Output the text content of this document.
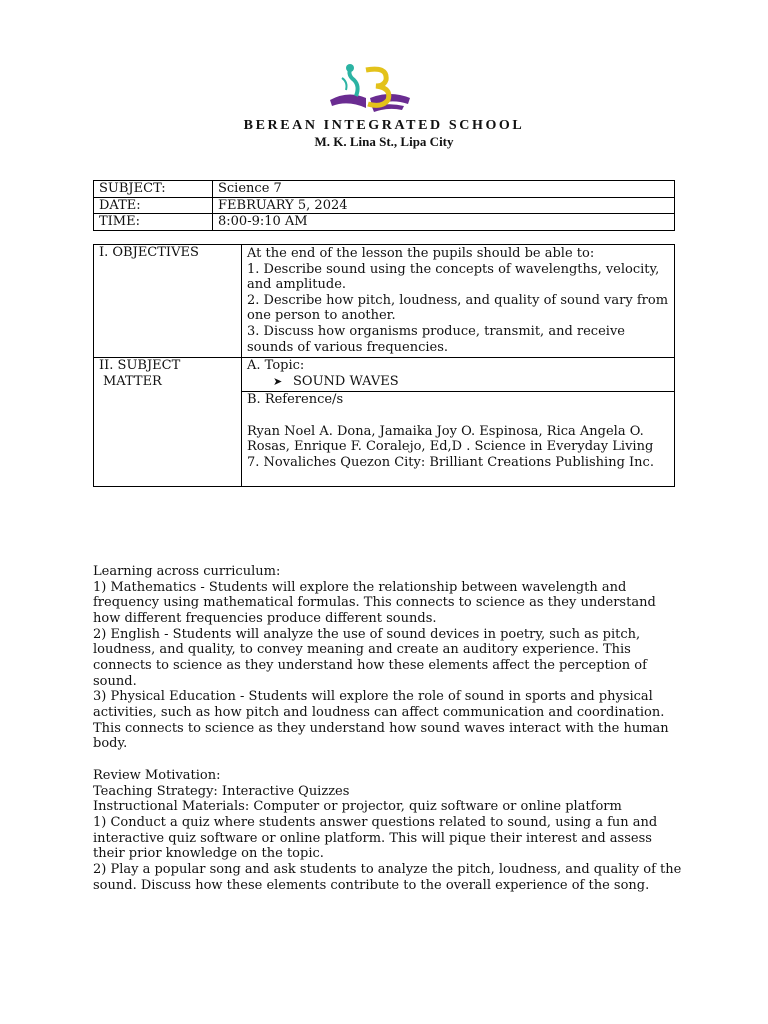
BEREAN INTEGRATED SCHOOL
M. K. Lina St., Lipa City
SUBJECT:	Science 7
DATE:	FEBRUARY 5, 2024
TIME:	8:00-9:10 AM
I. OBJECTIVES	At the end of the lesson the pupils should be able to:
1. Describe sound using the concepts of wavelengths, velocity, and amplitude.
2. Describe how pitch, loudness, and quality of sound vary from one person to another.
3. Discuss how organisms produce, transmit, and receive sounds of various frequencies.

II. SUBJECT
MATTER	A. Topic:
➤ SOUND WAVES

	B. Reference/s
Ryan Noel A. Dona, Jamaika Joy O. Espinosa, Rica Angela O. Rosas, Enrique F. Coralejo, Ed,D . Science in Everyday Living 7. Novaliches Quezon City: Brilliant Creations Publishing Inc.

Learning across curriculum:

1) Mathematics - Students will explore the relationship between wavelength and frequency using mathematical formulas. This connects to science as they understand how different frequencies produce different sounds.

2) English - Students will analyze the use of sound devices in poetry, such as pitch, loudness, and quality, to convey meaning and create an auditory experience. This connects to science as they understand how these elements affect the perception of sound.

3) Physical Education - Students will explore the role of sound in sports and physical activities, such as how pitch and loudness can affect communication and coordination. This connects to science as they understand how sound waves interact with the human body.

Review Motivation:

Teaching Strategy: Interactive Quizzes

Instructional Materials: Computer or projector, quiz software or online platform

1) Conduct a quiz where students answer questions related to sound, using a fun and interactive quiz software or online platform. This will pique their interest and assess their prior knowledge on the topic.

2) Play a popular song and ask students to analyze the pitch, loudness, and quality of the sound. Discuss how these elements contribute to the overall experience of the song.
